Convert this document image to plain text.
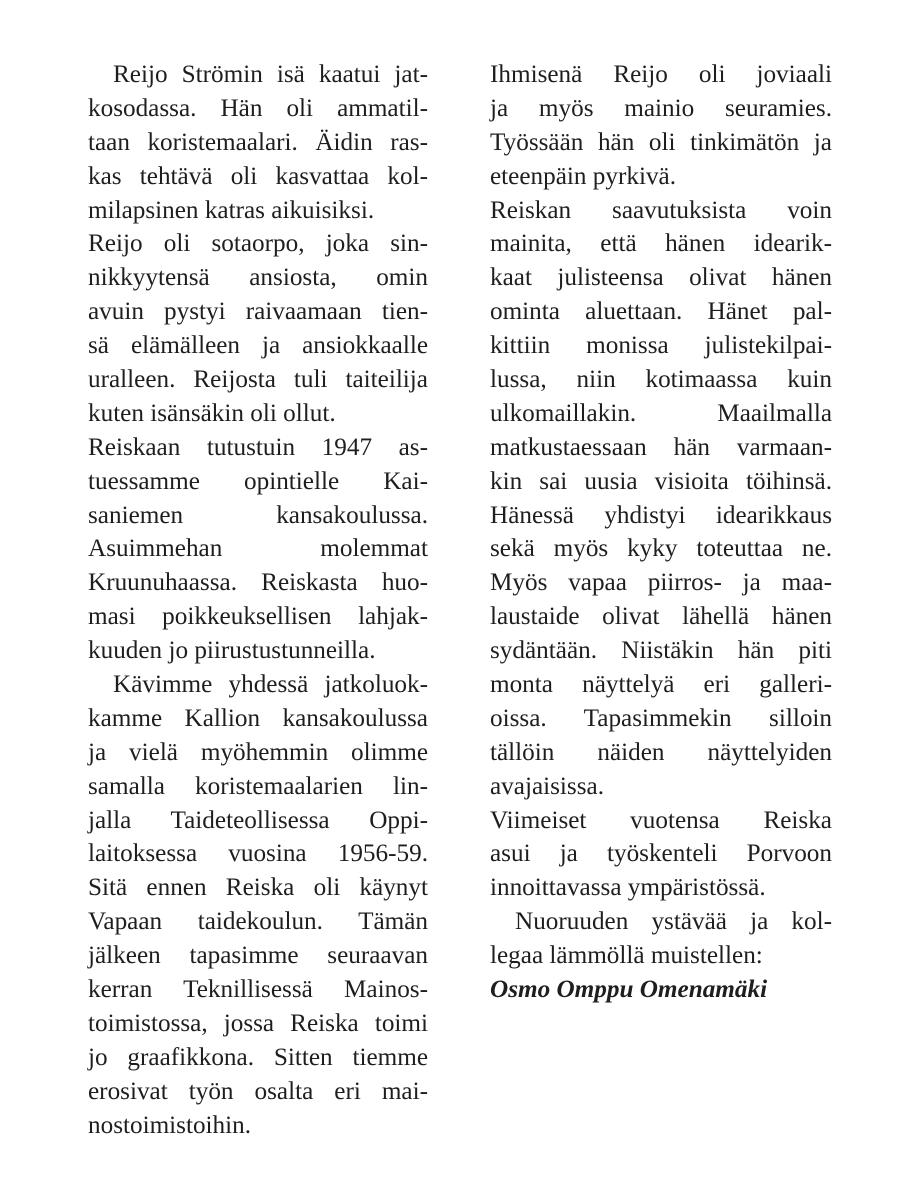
Reijo Strömin isä kaatui jat-
kosodassa. Hän oli ammatil-
taan koristemaalari. Äidin ras-
kas tehtävä oli kasvattaa kol-
milapsinen katras aikuisiksi.
Reijo oli sotaorpo, joka sin-
nikkyytensä ansiosta, omin
avuin pystyi raivaamaan tien-
sä elämälleen ja ansiokkaalle
uralleen. Reijosta tuli taiteilija
kuten isänsäkin oli ollut.
Reiskaan tutustuin 1947 as-
tuessamme opintielle Kai-
saniemen kansakoulussa.
Asuimmehan molemmat
Kruunuhaassa. Reiskasta huo-
masi poikkeuksellisen lahjak-
kuuden jo piirustustunneilla.
Kävimme yhdessä jatkoluok-
kamme Kallion kansakoulussa
ja vielä myöhemmin olimme
samalla koristemaalarien lin-
jalla Taideteollisessa Oppi-
laitoksessa vuosina 1956-59.
Sitä ennen Reiska oli käynyt
Vapaan taidekoulun. Tämän
jälkeen tapasimme seuraavan
kerran Teknillisessä Mainos-
toimistossa, jossa Reiska toimi
jo graafikkona. Sitten tiemme
erosivat työn osalta eri mai-
nostoimistoihin.
Ihmisenä Reijo oli joviaali
ja myös mainio seuramies.
Työssään hän oli tinkimätön ja
eteenpäin pyrkivä.
Reiskan saavutuksista voin
mainita, että hänen idearik-
kaat julisteensa olivat hänen
ominta aluettaan. Hänet pal-
kittiin monissa julistekilpai-
lussa, niin kotimaassa kuin
ulkomaillakin. Maailmalla
matkustaessaan hän varmaan-
kin sai uusia visioita töihinsä.
Hänessä yhdistyi idearikkaus
sekä myös kyky toteuttaa ne.
Myös vapaa piirros- ja maa-
laustaide olivat lähellä hänen
sydäntään. Niistäkin hän piti
monta näyttelyä eri galleri-
oissa. Tapasimmekin silloin
tällöin näiden näyttelyiden
avajaisissa.
Viimeiset vuotensa Reiska
asui ja työskenteli Porvoon
innoittavassa ympäristössä.
Nuoruuden ystävää ja kol-
legaa lämmöllä muistellen:
Osmo Omppu Omenamäki
